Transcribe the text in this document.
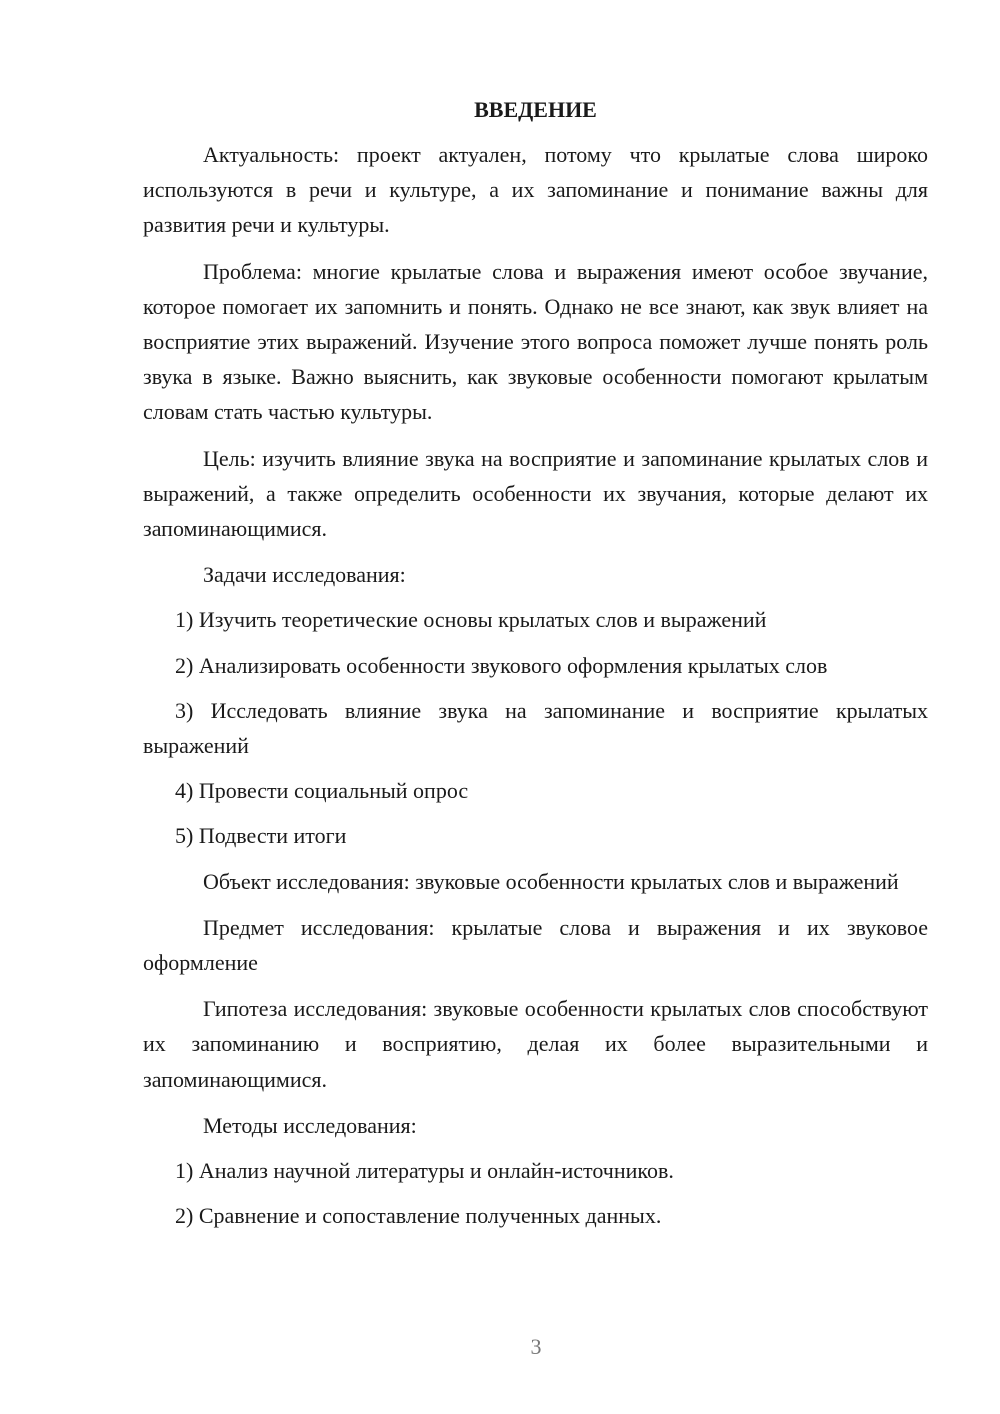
ВВЕДЕНИЕ

Актуальность: проект актуален, потому что крылатые слова широко используются в речи и культуре, а их запоминание и понимание важны для развития речи и культуры.

Проблема: многие крылатые слова и выражения имеют особое звучание, которое помогает их запомнить и понять. Однако не все знают, как звук влияет на восприятие этих выражений. Изучение этого вопроса поможет лучше понять роль звука в языке. Важно выяснить, как звуковые особенности помогают крылатым словам стать частью культуры.

Цель: изучить влияние звука на восприятие и запоминание крылатых слов и выражений, а также определить особенности их звучания, которые делают их запоминающимися.

Задачи исследования:

1) Изучить теоретические основы крылатых слов и выражений

2) Анализировать особенности звукового оформления крылатых слов

3) Исследовать влияние звука на запоминание и восприятие крылатых выражений

4) Провести социальный опрос

5) Подвести итоги

Объект исследования: звуковые особенности крылатых слов и выражений

Предмет исследования: крылатые слова и выражения и их звуковое оформление

Гипотеза исследования: звуковые особенности крылатых слов способствуют их запоминанию и восприятию, делая их более выразительными и запоминающимися.

Методы исследования:

1) Анализ научной литературы и онлайн-источников.

2) Сравнение и сопоставление полученных данных.

3
